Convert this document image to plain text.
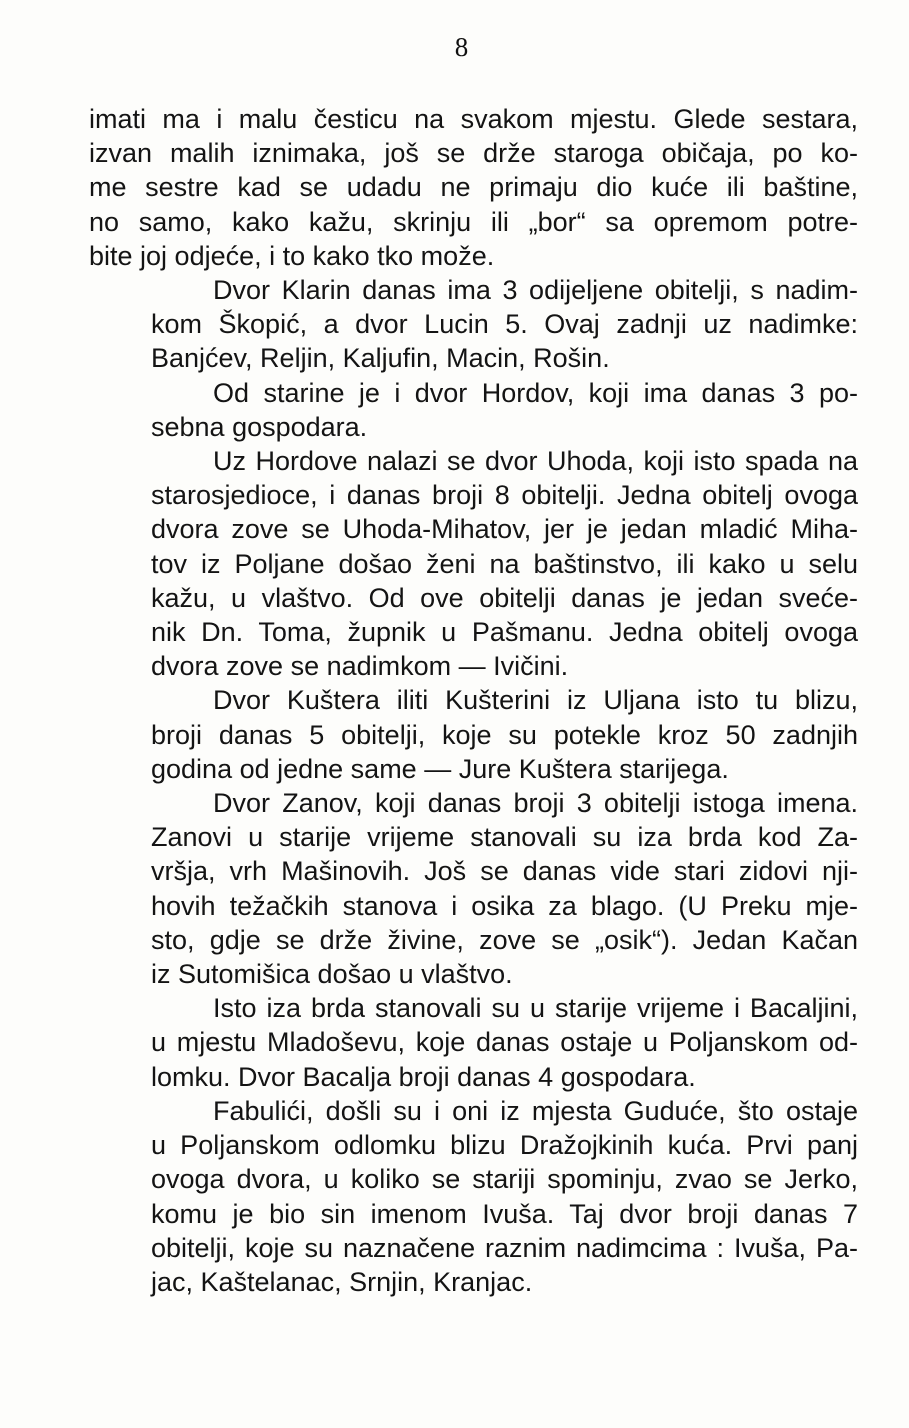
8
imati ma i malu česticu na svakom mjestu. Glede sestara,
izvan malih iznimaka, još se drže staroga običaja, po ko-
me sestre kad se udadu ne primaju dio kuće ili baštine,
no samo, kako kažu, skrinju ili „bor“ sa opremom potre-
bite joj odjeće, i to kako tko može.
Dvor Klarin danas ima 3 odijeljene obitelji, s nadim-
kom Škopić, a dvor Lucin 5. Ovaj zadnji uz nadimke:
Banjćev, Reljin, Kaljufin, Macin, Rošin.
Od starine je i dvor Hordov, koji ima danas 3 po-
sebna gospodara.
Uz Hordove nalazi se dvor Uhoda, koji isto spada na
starosjedioce, i danas broji 8 obitelji. Jedna obitelj ovoga
dvora zove se Uhoda-Mihatov, jer je jedan mladić Miha-
tov iz Poljane došao ženi na baštinstvo, ili kako u selu
kažu, u vlaštvo. Od ove obitelji danas je jedan sveće-
nik Dn. Toma, župnik u Pašmanu. Jedna obitelj ovoga
dvora zove se nadimkom — Ivičini.
Dvor Kuštera iliti Kušterini iz Uljana isto tu blizu,
broji danas 5 obitelji, koje su potekle kroz 50 zadnjih
godina od jedne same — Jure Kuštera starijega.
Dvor Zanov, koji danas broji 3 obitelji istoga imena.
Zanovi u starije vrijeme stanovali su iza brda kod Za-
vršja, vrh Mašinovih. Još se danas vide stari zidovi nji-
hovih težačkih stanova i osika za blago. (U Preku mje-
sto, gdje se drže živine, zove se „osik“). Jedan Kačan
iz Sutomišica došao u vlaštvo.
Isto iza brda stanovali su u starije vrijeme i Bacaljini,
u mjestu Mladoševu, koje danas ostaje u Poljanskom od-
lomku. Dvor Bacalja broji danas 4 gospodara.
Fabulići, došli su i oni iz mjesta Guduće, što ostaje
u Poljanskom odlomku blizu Dražojkinih kuća. Prvi panj
ovoga dvora, u koliko se stariji spominju, zvao se Jerko,
komu je bio sin imenom Ivuša. Taj dvor broji danas 7
obitelji, koje su naznačene raznim nadimcima : Ivuša, Pa-
jac, Kaštelanac, Srnjin, Kranjac.
